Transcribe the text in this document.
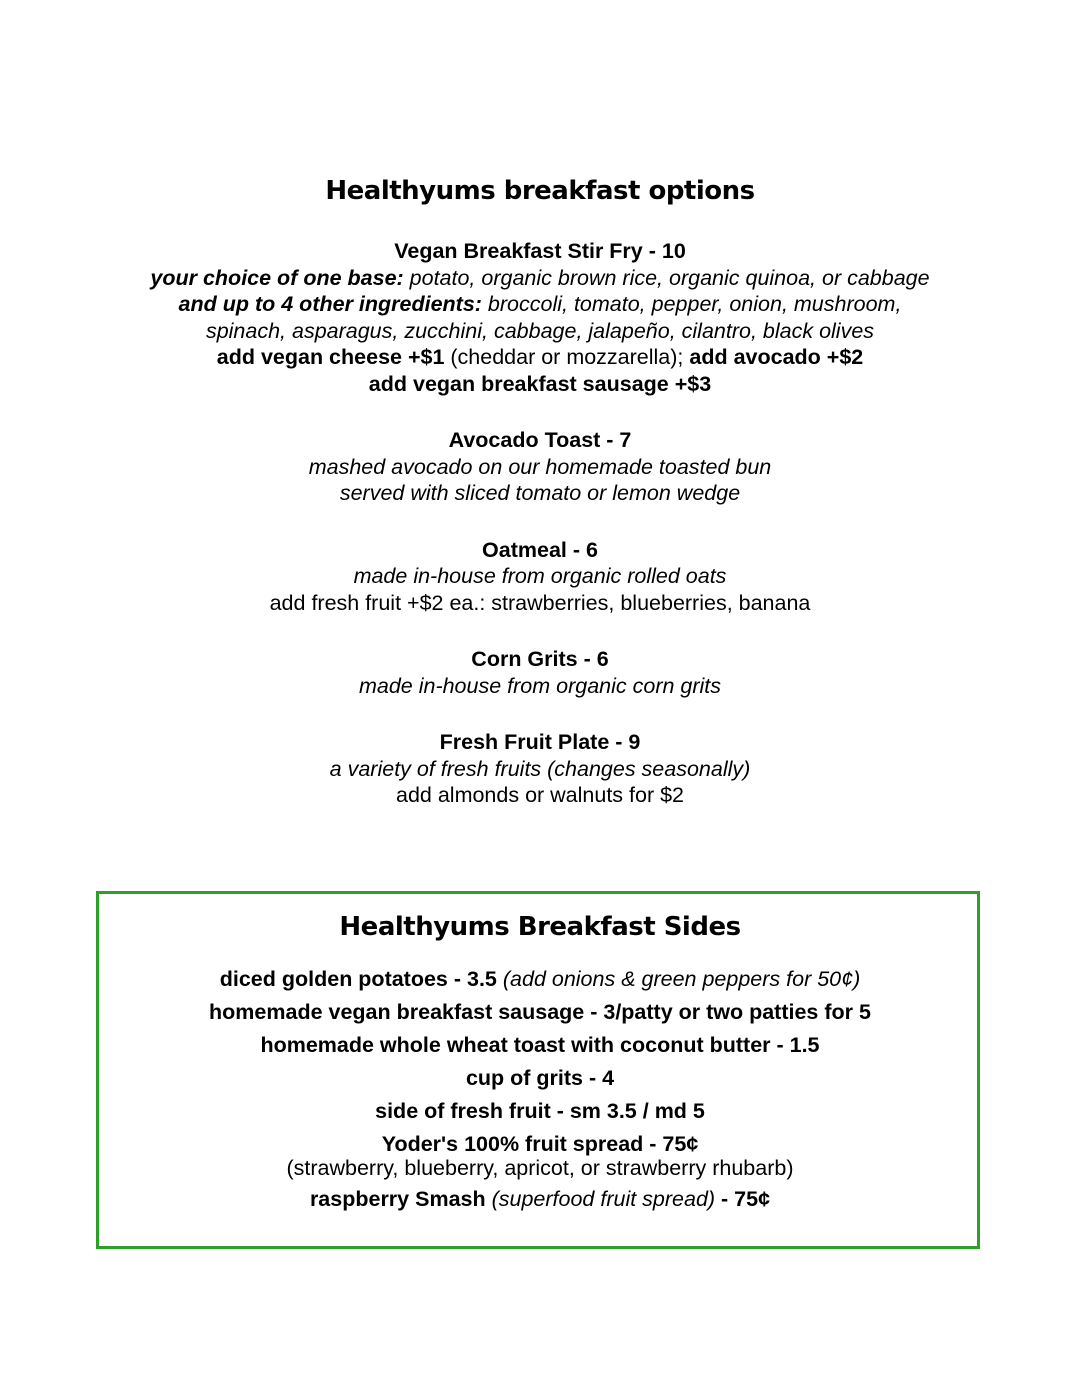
Healthyums breakfast options
Vegan Breakfast Stir Fry - 10
your choice of one base: potato, organic brown rice, organic quinoa, or cabbage
and up to 4 other ingredients: broccoli, tomato, pepper, onion, mushroom,
spinach, asparagus, zucchini, cabbage, jalapeño, cilantro, black olives
add vegan cheese +$1 (cheddar or mozzarella); add avocado +$2
add vegan breakfast sausage +$3
Avocado Toast - 7
mashed avocado on our homemade toasted bun
served with sliced tomato or lemon wedge
Oatmeal - 6
made in-house from organic rolled oats
add fresh fruit +$2 ea.: strawberries, blueberries, banana
Corn Grits - 6
made in-house from organic corn grits
Fresh Fruit Plate - 9
a variety of fresh fruits (changes seasonally)
add almonds or walnuts for $2
Healthyums Breakfast Sides
diced golden potatoes - 3.5 (add onions & green peppers for 50¢)
homemade vegan breakfast sausage - 3/patty or two patties for 5
homemade whole wheat toast with coconut butter - 1.5
cup of grits - 4
side of fresh fruit - sm 3.5 / md 5
Yoder's 100% fruit spread - 75¢
(strawberry, blueberry, apricot, or strawberry rhubarb)
raspberry Smash (superfood fruit spread) - 75¢
